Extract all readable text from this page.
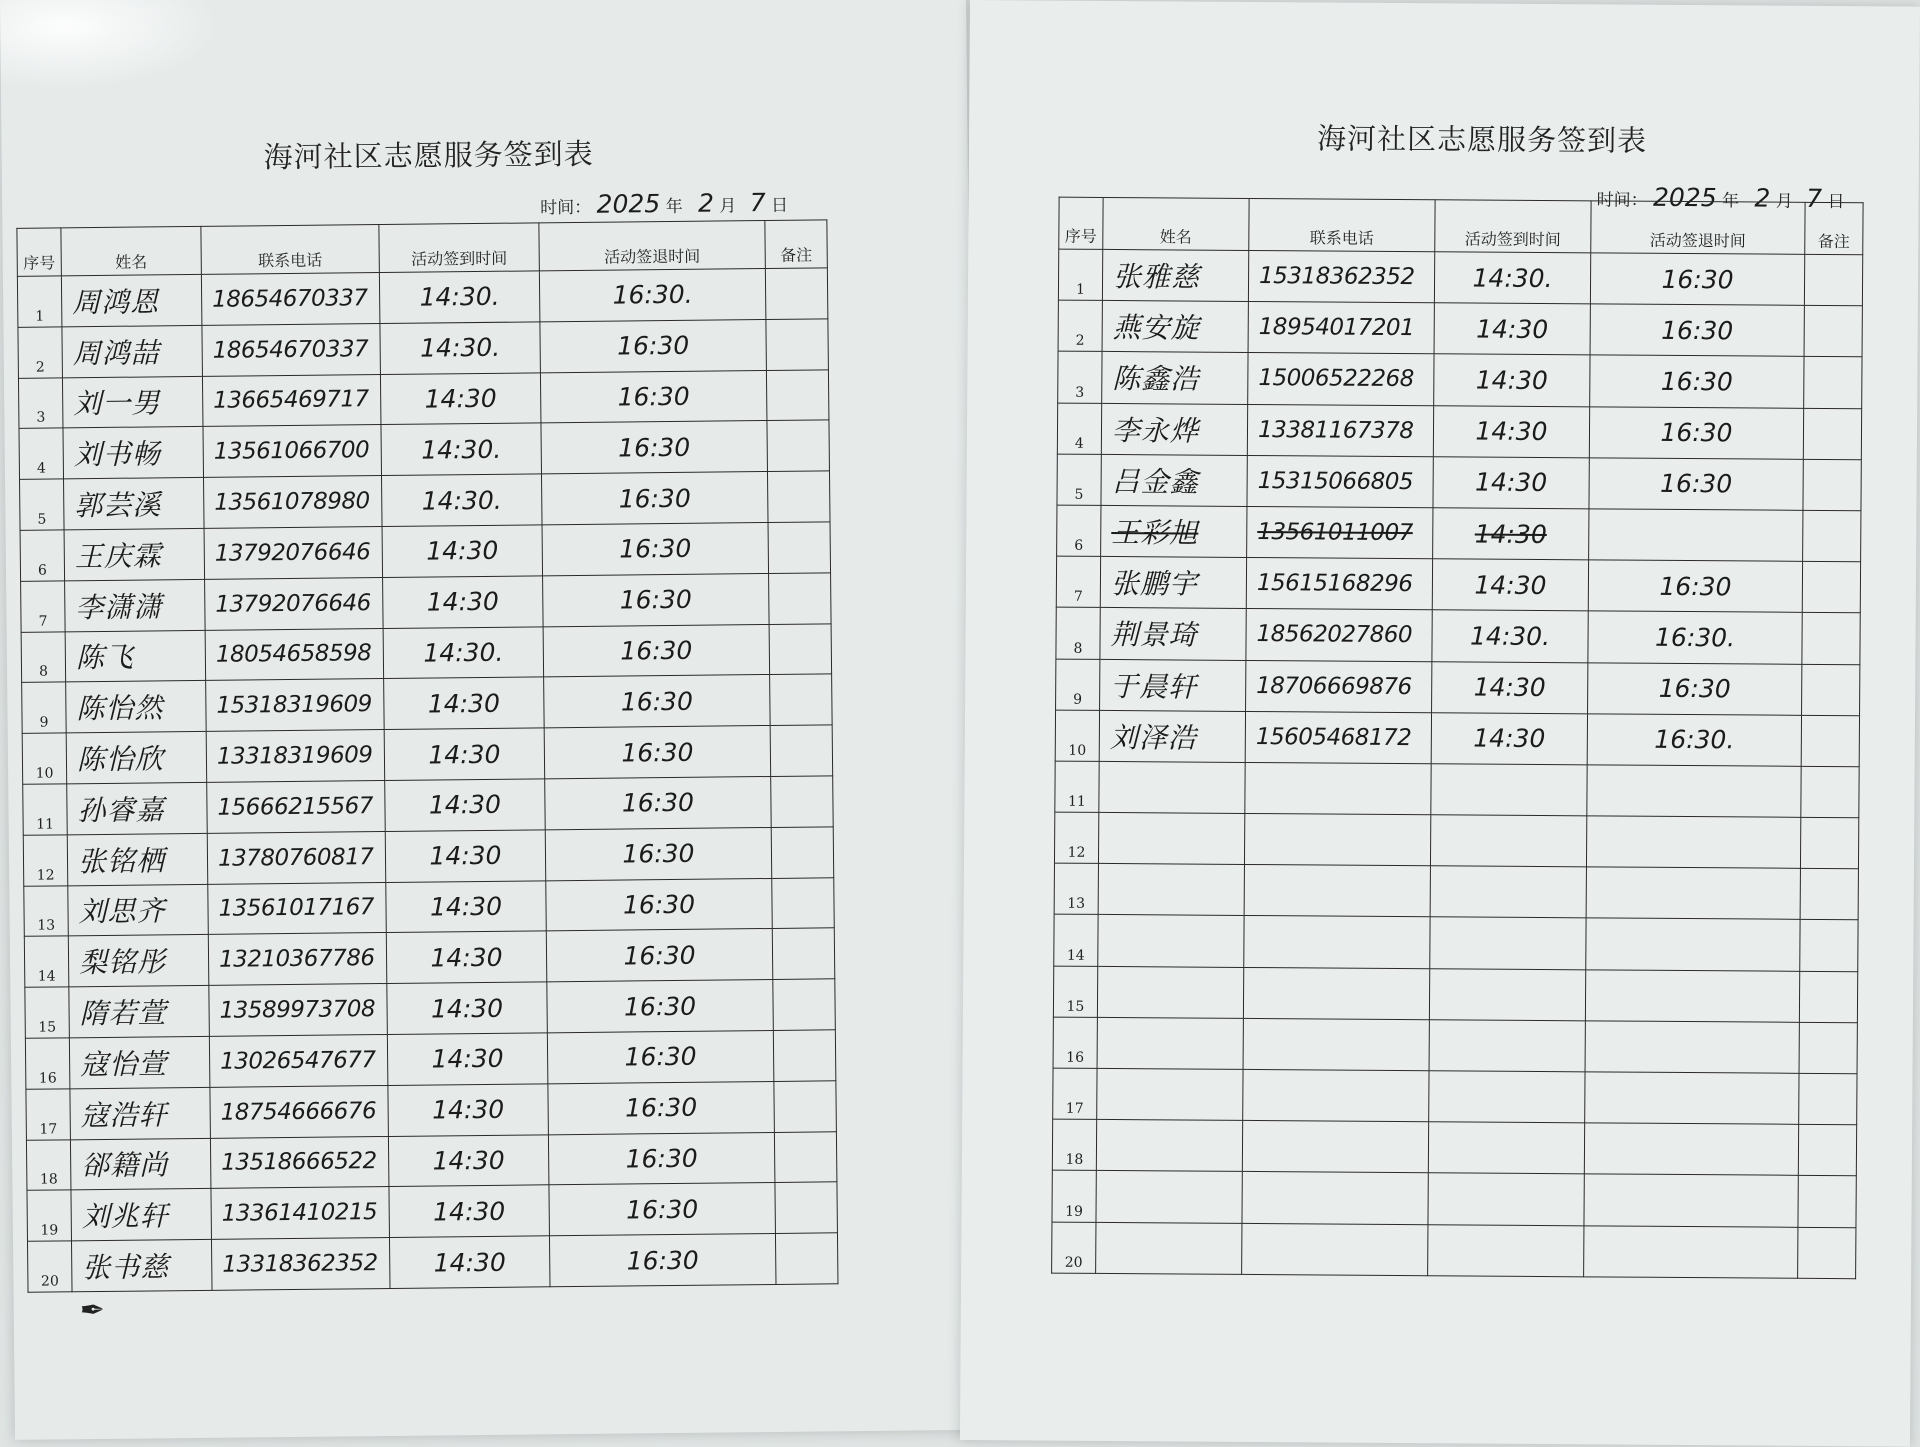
海河社区志愿服务签到表
时间： 2025 年 2 月 7 日
序号	姓名	联系电话	活动签到时间	活动签退时间	备注
1	周鸿恩	18654670337	14:30.	16:30.	
2	周鸿喆	18654670337	14:30.	16:30	
3	刘一男	13665469717	14:30	16:30	
4	刘书畅	13561066700	14:30.	16:30	
5	郭芸溪	13561078980	14:30.	16:30	
6	王庆霖	13792076646	14:30	16:30	
7	李潇潇	13792076646	14:30	16:30	
8	陈飞	18054658598	14:30.	16:30	
9	陈怡然	15318319609	14:30	16:30	
10	陈怡欣	13318319609	14:30	16:30	
11	孙睿嘉	15666215567	14:30	16:30	
12	张铭栖	13780760817	14:30	16:30	
13	刘思齐	13561017167	14:30	16:30	
14	梨铭彤	13210367786	14:30	16:30	
15	隋若萱	13589973708	14:30	16:30	
16	寇怡萱	13026547677	14:30	16:30	
17	寇浩轩	18754666676	14:30	16:30	
18	郤籍尚	13518666522	14:30	16:30	
19	刘兆轩	13361410215	14:30	16:30	
20	张书慈	13318362352	14:30	16:30	
✒
海河社区志愿服务签到表
时间： 2025 年 2 月 7 日
序号	姓名	联系电话	活动签到时间	活动签退时间	备注
1	张雅慈	15318362352	14:30.	16:30	
2	燕安旋	18954017201	14:30	16:30	
3	陈鑫浩	15006522268	14:30	16:30	
4	李永烨	13381167378	14:30	16:30	
5	吕金鑫	15315066805	14:30	16:30	
6	王彩旭	13561011007	14:30		
7	张鹏宇	15615168296	14:30	16:30	
8	荆景琦	18562027860	14:30.	16:30.	
9	于晨轩	18706669876	14:30	16:30	
10	刘泽浩	15605468172	14:30	16:30.	
11					
12					
13					
14					
15					
16					
17					
18					
19					
20					
